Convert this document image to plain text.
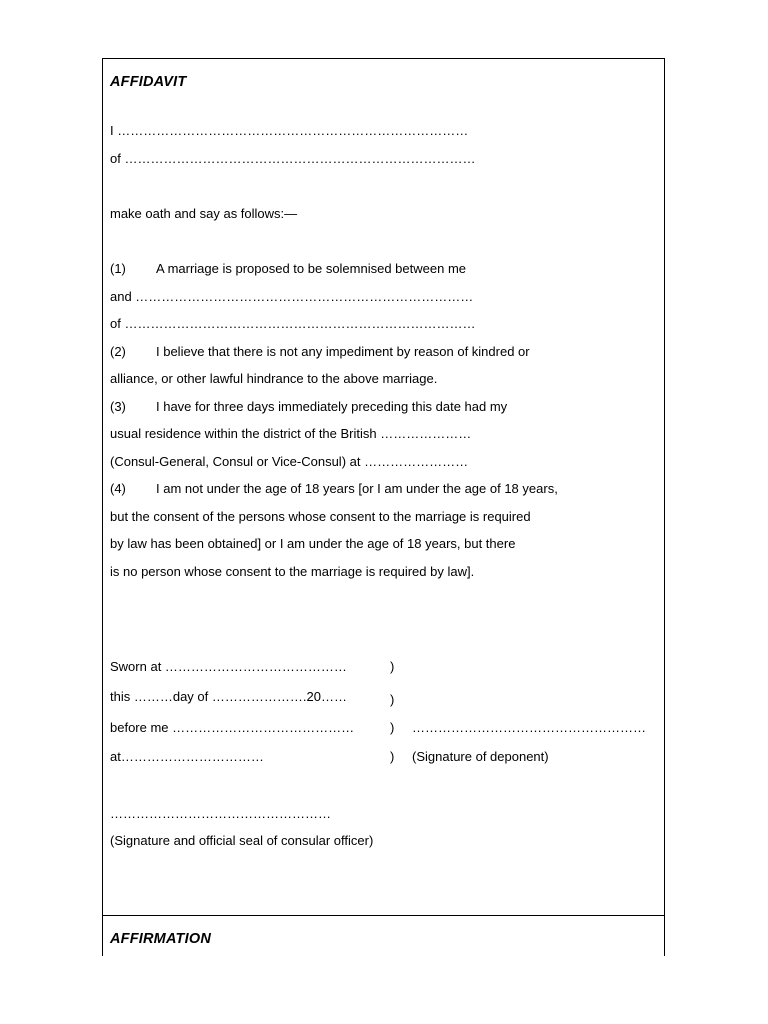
AFFIDAVIT
I ………………………………………………………………………
of ………………………………………………………………………
make oath and say as follows:—
(1) A marriage is proposed to be solemnised between me
and ……………………………………………………………………
of ………………………………………………………………………
(2) I believe that there is not any impediment by reason of kindred or
alliance, or other lawful hindrance to the above marriage.
(3) I have for three days immediately preceding this date had my
usual residence within the district of the British …………………
(Consul-General, Consul or Vice-Consul) at ……………………
(4) I am not under the age of 18 years [or I am under the age of 18 years,
but the consent of the persons whose consent to the marriage is required
by law has been obtained] or I am under the age of 18 years, but there
is no person whose consent to the marriage is required by law].
Sworn at ……………………………………	)
this ………day of ………………….20……	)
before me ……………………………………	) ………………………………………………
at……………………………	) (Signature of deponent)
……………………………………………
(Signature and official seal of consular officer)
AFFIRMATION
